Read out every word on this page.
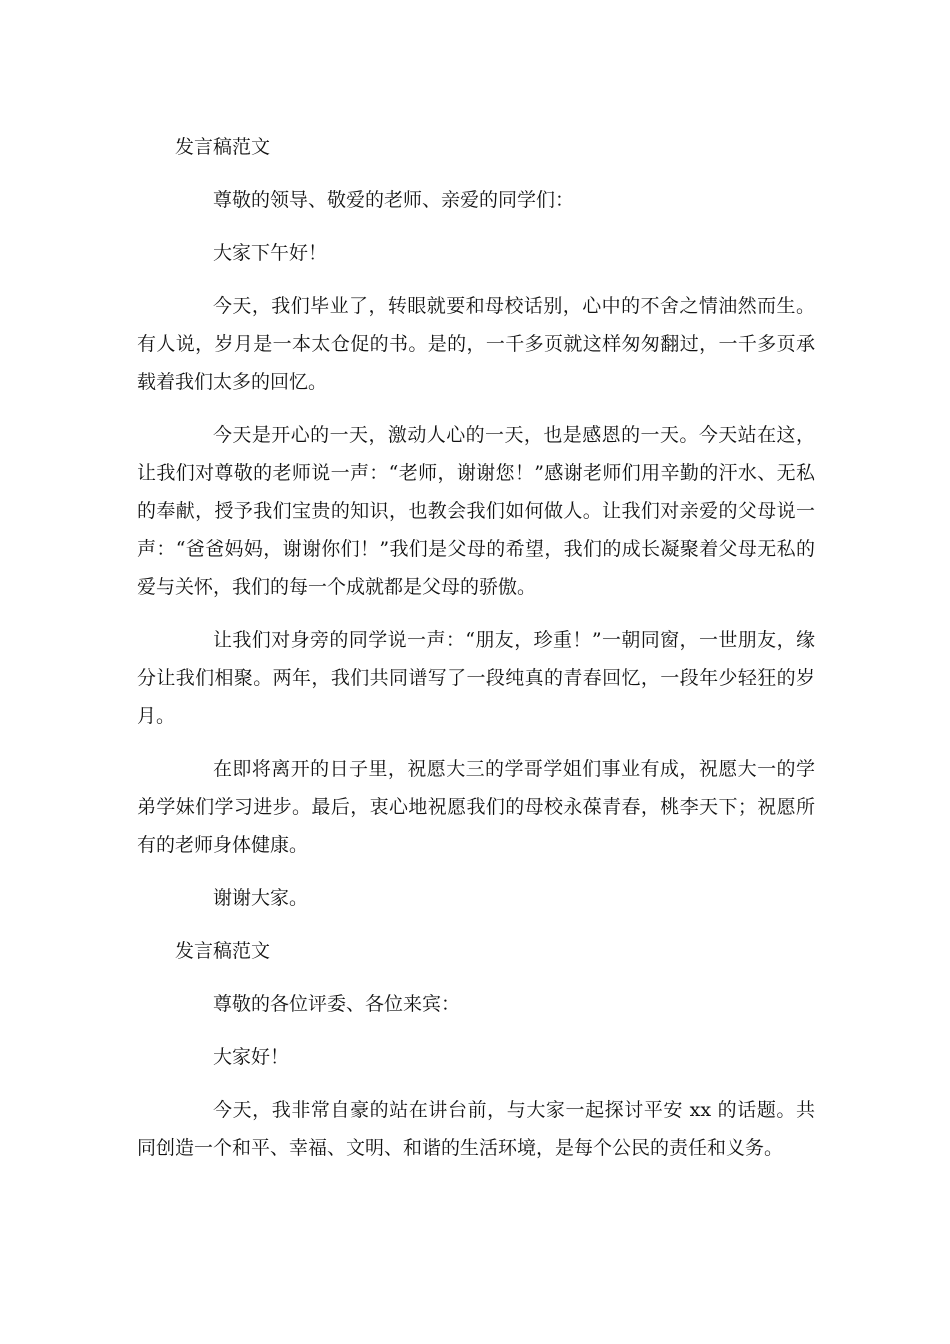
发言稿范文

尊敬的领导、敬爱的老师、亲爱的同学们：

大家下午好！

今天，我们毕业了，转眼就要和母校话别，心中的不舍之情油然而生。有人说，岁月是一本太仓促的书。是的，一千多页就这样匆匆翻过，一千多页承载着我们太多的回忆。

今天是开心的一天，激动人心的一天，也是感恩的一天。今天站在这，让我们对尊敬的老师说一声：“老师，谢谢您！”感谢老师们用辛勤的汗水、无私的奉献，授予我们宝贵的知识，也教会我们如何做人。让我们对亲爱的父母说一声：“爸爸妈妈，谢谢你们！”我们是父母的希望，我们的成长凝聚着父母无私的爱与关怀，我们的每一个成就都是父母的骄傲。

让我们对身旁的同学说一声：“朋友，珍重！”一朝同窗，一世朋友，缘分让我们相聚。两年，我们共同谱写了一段纯真的青春回忆，一段年少轻狂的岁月。

在即将离开的日子里，祝愿大三的学哥学姐们事业有成，祝愿大一的学弟学妹们学习进步。最后，衷心地祝愿我们的母校永葆青春，桃李天下；祝愿所有的老师身体健康。

谢谢大家。

发言稿范文

尊敬的各位评委、各位来宾：

大家好！

今天，我非常自豪的站在讲台前，与大家一起探讨平安 xx 的话题。共同创造一个和平、幸福、文明、和谐的生活环境，是每个公民的责任和义务。
